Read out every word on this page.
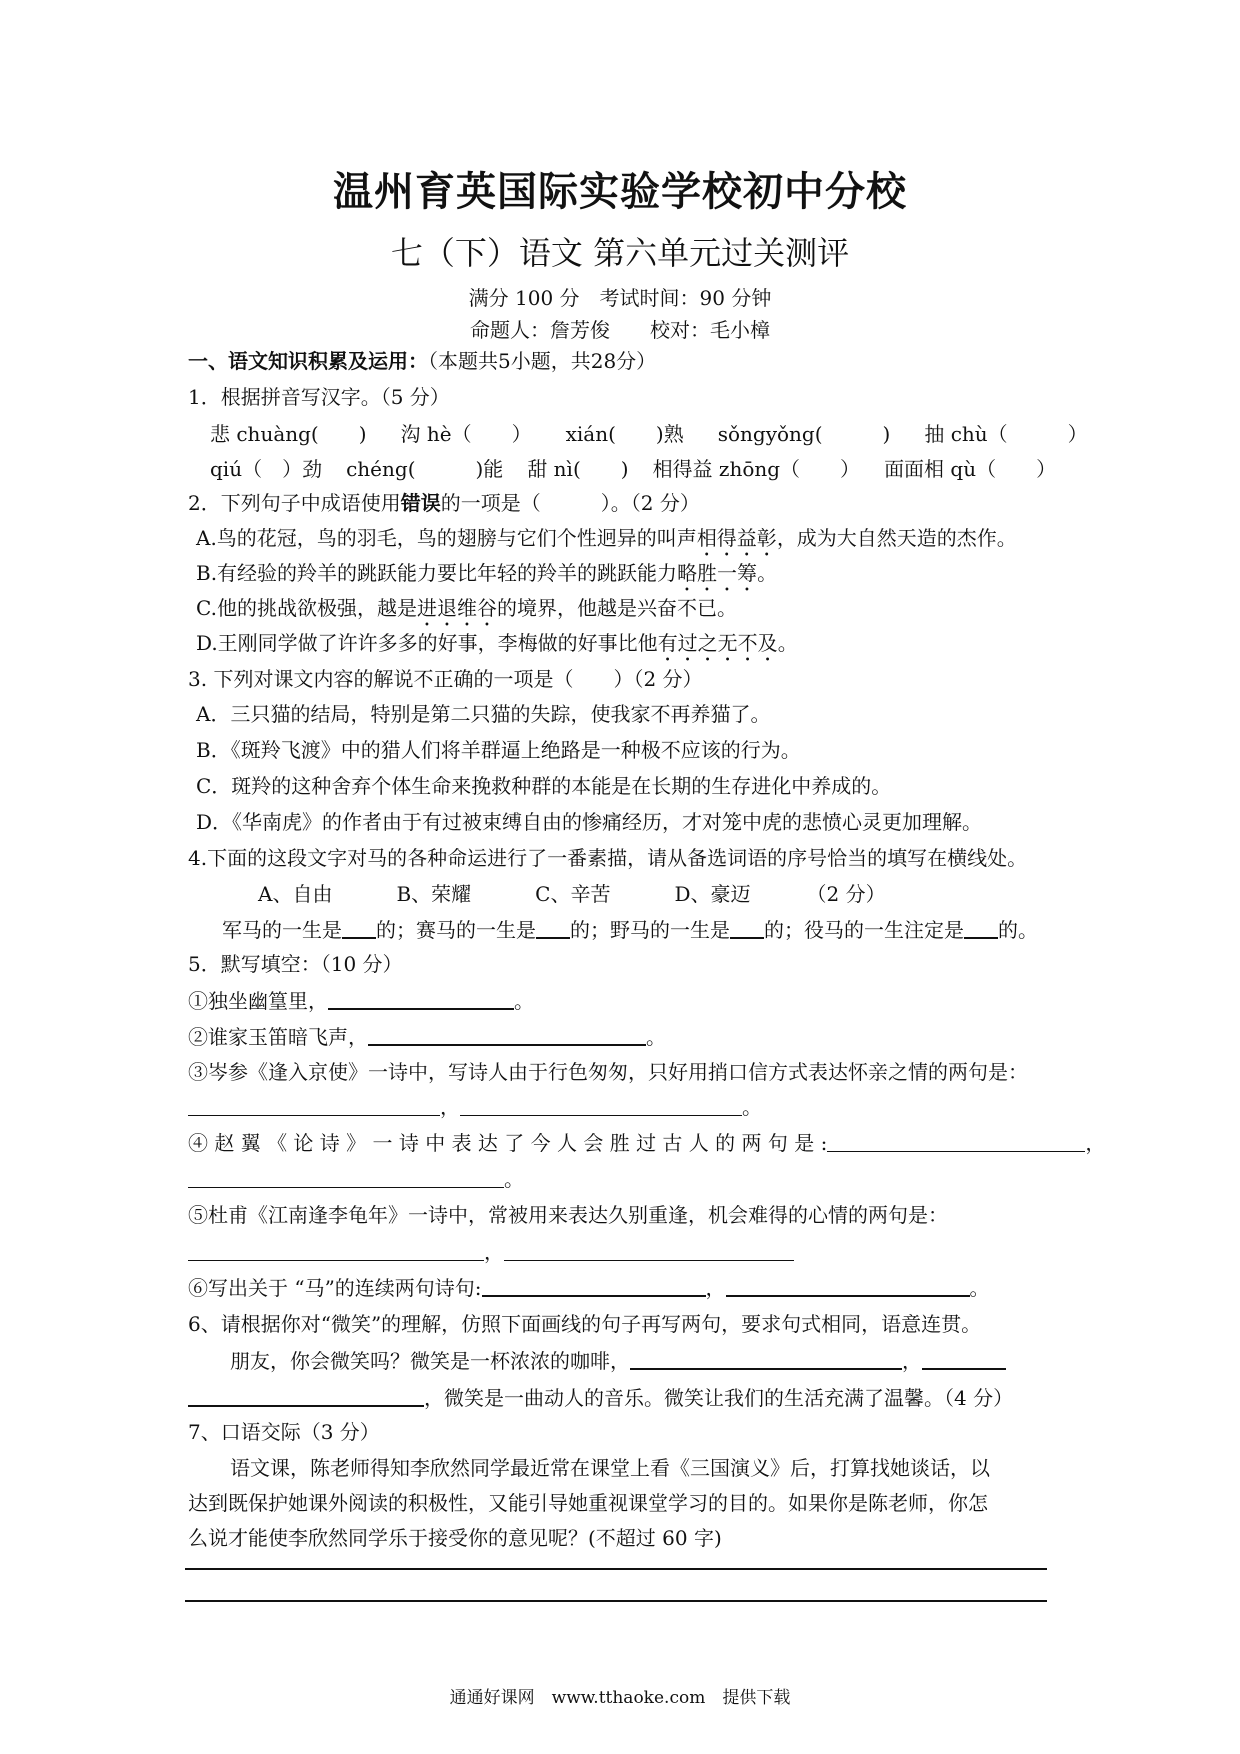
温州育英国际实验学校初中分校
七（下）语文 第六单元过关测评
满分 100 分　考试时间：90 分钟
命题人：詹芳俊　　校对：毛小樟
一、语文知识积累及运用：（本题共5小题，共28分）
1．根据拼音写汉字。（5 分）
悲 chuàng(　　) 沟 hè（　　） xián(　　)熟 sǒngyǒng(　　　) 抽 chù（　　　）
qiú（　）劲 chéng(　　　)能 甜 nì(　　) 相得益 zhōng（　　） 面面相 qù（　　）
2．下列句子中成语使用错误的一项是（　　　）。（2 分）
A.鸟的花冠，鸟的羽毛，鸟的翅膀与它们个性迥异的叫声相得益彰，成为大自然天造的杰作。
B.有经验的羚羊的跳跃能力要比年轻的羚羊的跳跃能力略胜一筹。
C.他的挑战欲极强，越是进退维谷的境界，他越是兴奋不已。
D.王刚同学做了许许多多的好事，李梅做的好事比他有过之无不及。
3. 下列对课文内容的解说不正确的一项是（　　）（2 分）
A．三只猫的结局，特别是第二只猫的失踪，使我家不再养猫了。
B．《斑羚飞渡》中的猎人们将羊群逼上绝路是一种极不应该的行为。
C．斑羚的这种舍弃个体生命来挽救种群的本能是在长期的生存进化中养成的。
D．《华南虎》的作者由于有过被束缚自由的惨痛经历，才对笼中虎的悲愤心灵更加理解。
4.下面的这段文字对马的各种命运进行了一番素描，请从备选词语的序号恰当的填写在横线处。
A、自由	B、荣耀	C、辛苦	D、豪迈	（2 分）
军马的一生是 的；赛马的一生是 的；野马的一生是 的；役马的一生注定是 的。
5．默写填空：（10 分）
①独坐幽篁里，	。
②谁家玉笛暗飞声，	。
③岑参《逢入京使》一诗中，写诗人由于行色匆匆，只好用捎口信方式表达怀亲之情的两句是：
，	。
④ 赵 翼 《 论 诗 》 一 诗 中 表 达 了 今 人 会 胜 过 古 人 的 两 句 是 :	，
。
⑤杜甫《江南逢李龟年》一诗中，常被用来表达久别重逢，机会难得的心情的两句是：
，
⑥写出关于 “马”的连续两句诗句:	，	。
6、请根据你对“微笑”的理解，仿照下面画线的句子再写两句，要求句式相同，语意连贯。
朋友，你会微笑吗？微笑是一杯浓浓的咖啡，	，
，微笑是一曲动人的音乐。微笑让我们的生活充满了温馨。（4 分）
7、口语交际（3 分）
语文课，陈老师得知李欣然同学最近常在课堂上看《三国演义》后，打算找她谈话，以
达到既保护她课外阅读的积极性，又能引导她重视课堂学习的目的。如果你是陈老师，你怎
么说才能使李欣然同学乐于接受你的意见呢？(不超过 60 字)
通通好课网　www.tthaoke.com　提供下载
